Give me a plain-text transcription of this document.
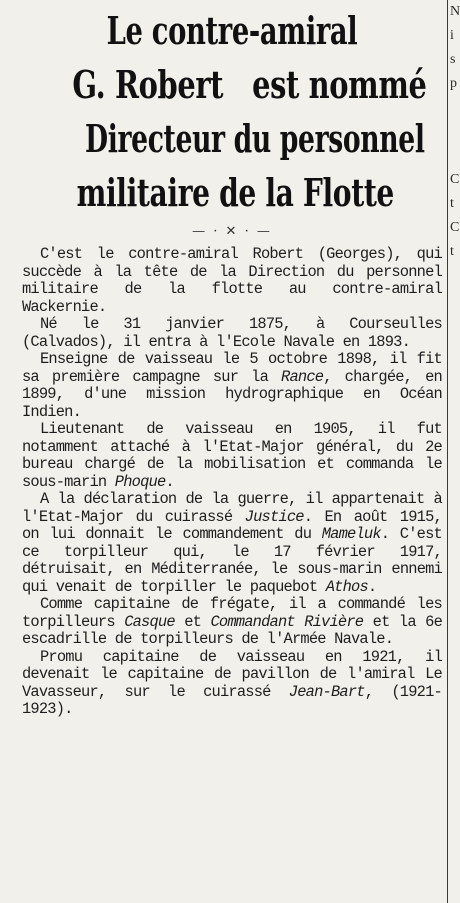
N
i
s
p
C
t
C
t
Le contre-amiral
G. Robert   est nommé
Directeur du personnel
militaire de la Flotte
— · ✕ · —

C'est le contre-amiral Robert (Georges), qui succède à la tête de la Direction du personnel militaire de la flotte au contre-amiral Wackernie.

Né le 31 janvier 1875, à Courseulles (Calvados), il entra à l'Ecole Navale en 1893.

Enseigne de vaisseau le 5 octobre 1898, il fit sa première campagne sur la Rance, chargée, en 1899, d'une mission hydrographique en Océan Indien.

Lieutenant de vaisseau en 1905, il fut notamment attaché à l'Etat-Major général, du 2e bureau chargé de la mobilisation et commanda le sous-marin Phoque.

A la déclaration de la guerre, il appartenait à l'Etat-Major du cuirassé Justice. En août 1915, on lui donnait le commandement du Mameluk. C'est ce torpilleur qui, le 17 février 1917, détruisait, en Méditerranée, le sous-marin ennemi qui venait de torpiller le paquebot Athos.

Comme capitaine de frégate, il a commandé les torpilleurs Casque et Commandant Rivière et la 6e escadrille de torpilleurs de l'Armée Navale.

Promu capitaine de vaisseau en 1921, il devenait le capitaine de pavillon de l'amiral Le Vavasseur, sur le cuirassé Jean-Bart, (1921-1923).
